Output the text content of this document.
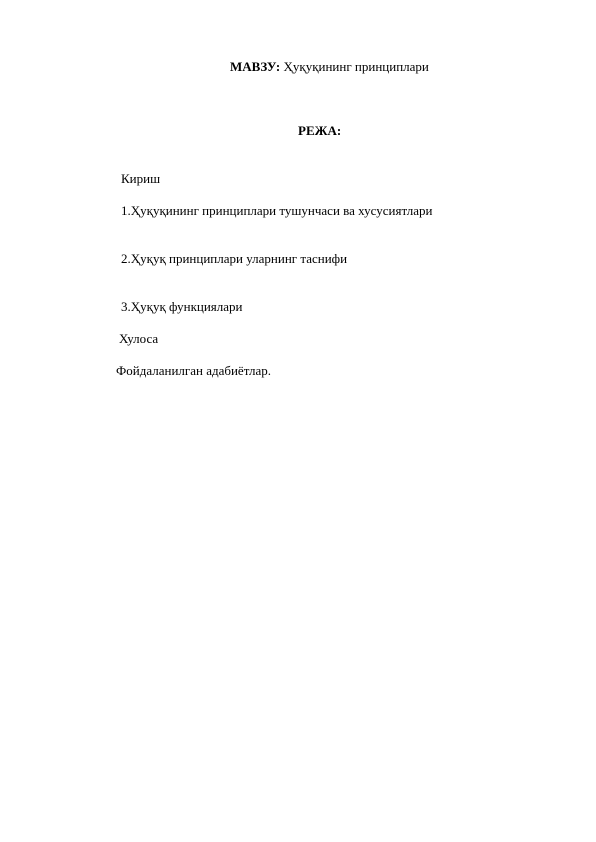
МАВЗУ: Ҳуқуқининг принциплари
РЕЖА:
Кириш
1.Ҳуқуқининг принциплари тушунчаси ва хусусиятлари
2.Ҳуқуқ принциплари уларнинг таснифи
3.Ҳуқуқ функциялари
Хулоса
Фойдаланилган адабиётлар.
